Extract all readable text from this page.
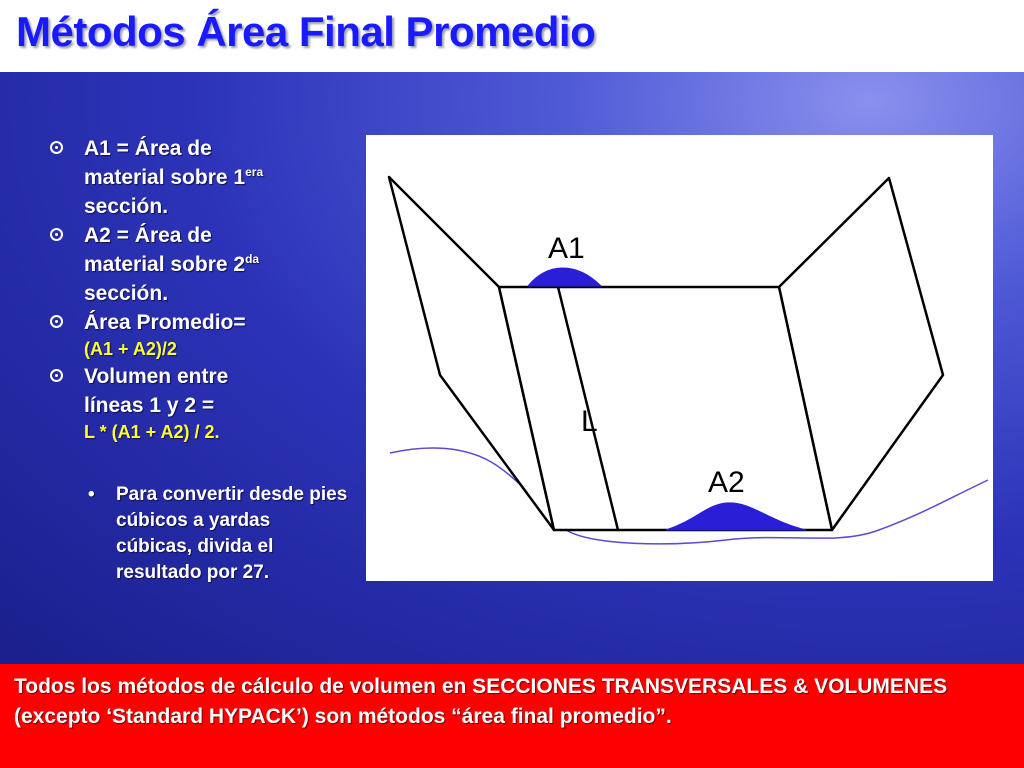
Métodos Área Final Promedio
A1 = Área de
material sobre $1^{era}$
sección.
A2 = Área de
material sobre $2^{da}$
sección.
Área Promedio=
(A1 + A2)/2
Volumen entre
líneas 1 y 2 =
L * (A1 + A2) / 2.
• Para convertir desde pies cúbicos a yardas cúbicas, divida el resultado por 27.
A1
L
A2
Todos los métodos de cálculo de volumen en SECCIONES TRANSVERSALES & VOLUMENES (excepto ‘Standard HYPACK’) son métodos “área final promedio”.
